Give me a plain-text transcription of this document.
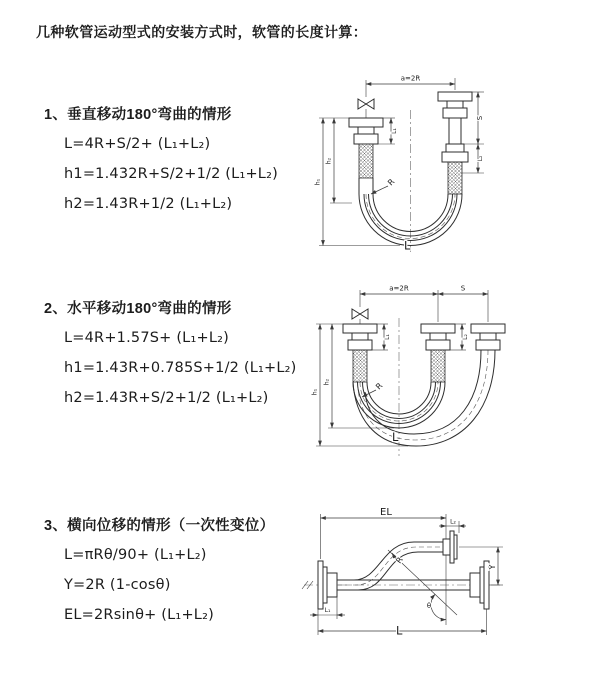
几种软管运动型式的安装方式时，软管的长度计算：
1、垂直移动180°弯曲的情形
L=4R+S/2+ (L₁+L₂)
h1=1.432R+S/2+1/2 (L₁+L₂)
h2=1.43R+1/2 (L₁+L₂)
2、水平移动180°弯曲的情形
L=4R+1.57S+ (L₁+L₂)
h1=1.43R+0.785S+1/2 (L₁+L₂)
h2=1.43R+S/2+1/2 (L₁+L₂)
3、横向位移的情形（一次性变位）
L=πRθ/90+ (L₁+L₂)
Y=2R (1-cosθ)
EL=2Rsinθ+ (L₁+L₂)
a=2R
L₁
S
L₂
h₁
h₂
R
L
a=2R	S
L₁	L₂
h₁
h₂	R
L
θ
EL
L₂
Y
L₁
L
R
